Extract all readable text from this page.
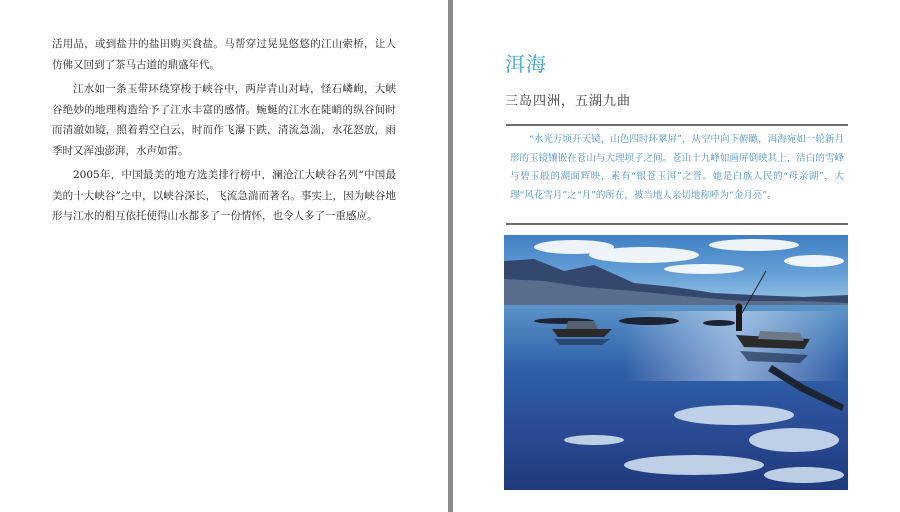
活用品，或到盐井的盐田购买食盐。马帮穿过晃晃悠悠的江山索桥，让人仿佛又回到了茶马古道的鼎盛年代。

江水如一条玉带环绕穿梭于峡谷中，两岸青山对峙，怪石嶙峋，大峡谷绝妙的地理构造给予了江水丰富的感情。蜿蜒的江水在陡峭的纵谷间时而清澈如镜，照着碧空白云，时而作飞瀑下跌，清流急湍，水花怒放，雨季时又浑浊澎湃，水声如雷。

2005年，中国最美的地方选美排行榜中，澜沧江大峡谷名列“中国最美的十大峡谷”之中，以峡谷深长，飞流急湍而著名。事实上，因为峡谷地形与江水的相互依托使得山水都多了一份情怀，也令人多了一重感应。

洱海
三岛四洲，五湖九曲
“水光万顷开天镜，山色四时环翠屏”，从空中向下俯瞰，洱海宛如一轮新月形的玉镜镶嵌在苍山与大理坝子之间。苍山十九峰如画屏倒映其上，洁白的雪峰与碧玉般的湖面辉映，素有“银苍玉洱”之誉。她是白族人民的“母亲湖”，大理“风花雪月”之“月”的所在，被当地人亲切地称呼为“金月亮”。
